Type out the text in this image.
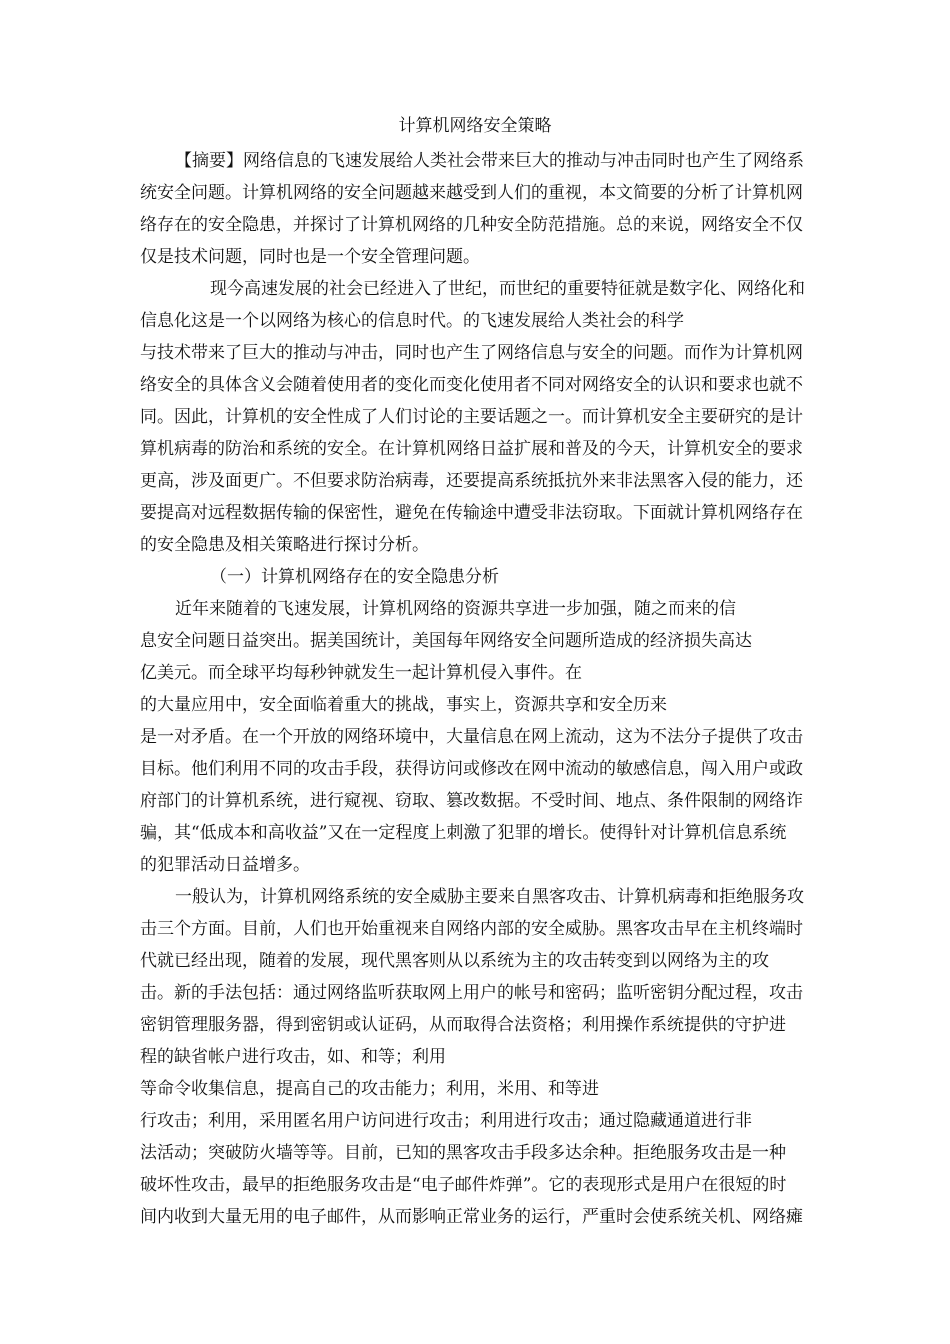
计算机网络安全策略
【摘要】网络信息的飞速发展给人类社会带来巨大的推动与冲击同时也产生了网络系
统安全问题。计算机网络的安全问题越来越受到人们的重视，本文简要的分析了计算机网
络存在的安全隐患，并探讨了计算机网络的几种安全防范措施。总的来说，网络安全不仅
仅是技术问题，同时也是一个安全管理问题。
现今高速发展的社会已经进入了世纪，而世纪的重要特征就是数字化、网络化和
信息化这是一个以网络为核心的信息时代。的飞速发展给人类社会的科学
与技术带来了巨大的推动与冲击，同时也产生了网络信息与安全的问题。而作为计算机网
络安全的具体含义会随着使用者的变化而变化使用者不同对网络安全的认识和要求也就不
同。因此，计算机的安全性成了人们讨论的主要话题之一。而计算机安全主要研究的是计
算机病毒的防治和系统的安全。在计算机网络日益扩展和普及的今天，计算机安全的要求
更高，涉及面更广。不但要求防治病毒，还要提高系统抵抗外来非法黑客入侵的能力，还
要提高对远程数据传输的保密性，避免在传输途中遭受非法窃取。下面就计算机网络存在
的安全隐患及相关策略进行探讨分析。
（一）计算机网络存在的安全隐患分析
近年来随着的飞速发展，计算机网络的资源共享进一步加强，随之而来的信
息安全问题日益突出。据美国统计，美国每年网络安全问题所造成的经济损失高达
亿美元。而全球平均每秒钟就发生一起计算机侵入事件。在
的大量应用中，安全面临着重大的挑战，事实上，资源共享和安全历来
是一对矛盾。在一个开放的网络环境中，大量信息在网上流动，这为不法分子提供了攻击
目标。他们利用不同的攻击手段，获得访问或修改在网中流动的敏感信息，闯入用户或政
府部门的计算机系统，进行窥视、窃取、篡改数据。不受时间、地点、条件限制的网络诈
骗，其“低成本和高收益”又在一定程度上刺激了犯罪的增长。使得针对计算机信息系统
的犯罪活动日益增多。
一般认为，计算机网络系统的安全威胁主要来自黑客攻击、计算机病毒和拒绝服务攻
击三个方面。目前，人们也开始重视来自网络内部的安全威胁。黑客攻击早在主机终端时
代就已经出现，随着的发展，现代黑客则从以系统为主的攻击转变到以网络为主的攻
击。新的手法包括：通过网络监听获取网上用户的帐号和密码；监听密钥分配过程，攻击
密钥管理服务器，得到密钥或认证码，从而取得合法资格；利用操作系统提供的守护进
程的缺省帐户进行攻击，如、和等；利用
等命令收集信息，提高自己的攻击能力；利用，米用、和等进
行攻击；利用，采用匿名用户访问进行攻击；利用进行攻击；通过隐藏通道进行非
法活动；突破防火墙等等。目前，已知的黑客攻击手段多达余种。拒绝服务攻击是一种
破坏性攻击，最早的拒绝服务攻击是“电子邮件炸弹”。它的表现形式是用户在很短的时
间内收到大量无用的电子邮件，从而影响正常业务的运行，严重时会使系统关机、网络瘫
